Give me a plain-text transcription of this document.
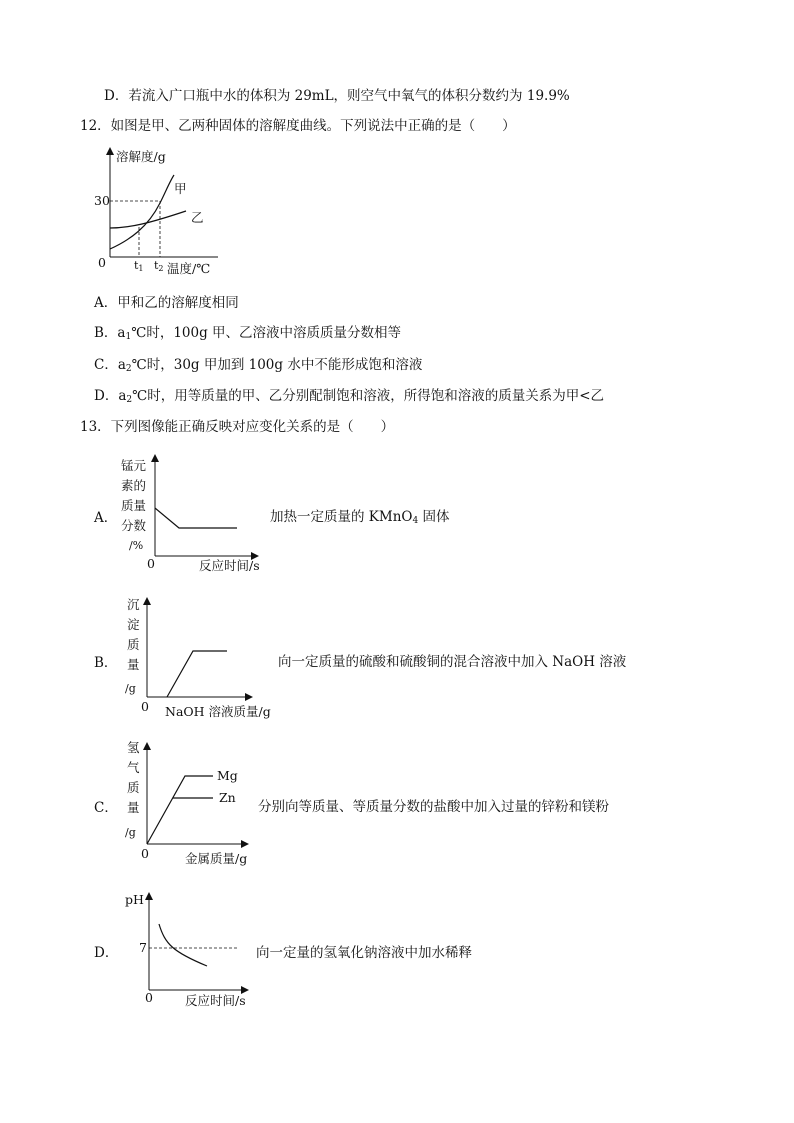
D．若流入广口瓶中水的体积为 29mL，则空气中氧气的体积分数约为 19.9%
12．如图是甲、乙两种固体的溶解度曲线。下列说法中正确的是（　　）
溶解度/g
温度/℃
0
30
甲
乙
t1 t2
A．甲和乙的溶解度相同
B．$a_1℃$时，100g 甲、乙溶液中溶质质量分数相等
C．$a_2℃$时，30g 甲加到 100g 水中不能形成饱和溶液
D．$a_2℃$时，用等质量的甲、乙分别配制饱和溶液，所得饱和溶液的质量关系为甲<乙
13．下列图像能正确反映对应变化关系的是（　　）
A．
锰元
素的
质量
分数
/%
0	反应时间/s
加热一定质量的 KMnO$_4$ 固体
B．
沉
淀
质
量
/g
0 NaOH 溶液质量/g
向一定质量的硫酸和硫酸铜的混合溶液中加入 NaOH 溶液
C．
氢
气
质
量
/g
0	金属质量/g
Mg
Zn
分别向等质量、等质量分数的盐酸中加入过量的锌粉和镁粉
D．
pH
7
0	反应时间/s
向一定量的氢氧化钠溶液中加水稀释
